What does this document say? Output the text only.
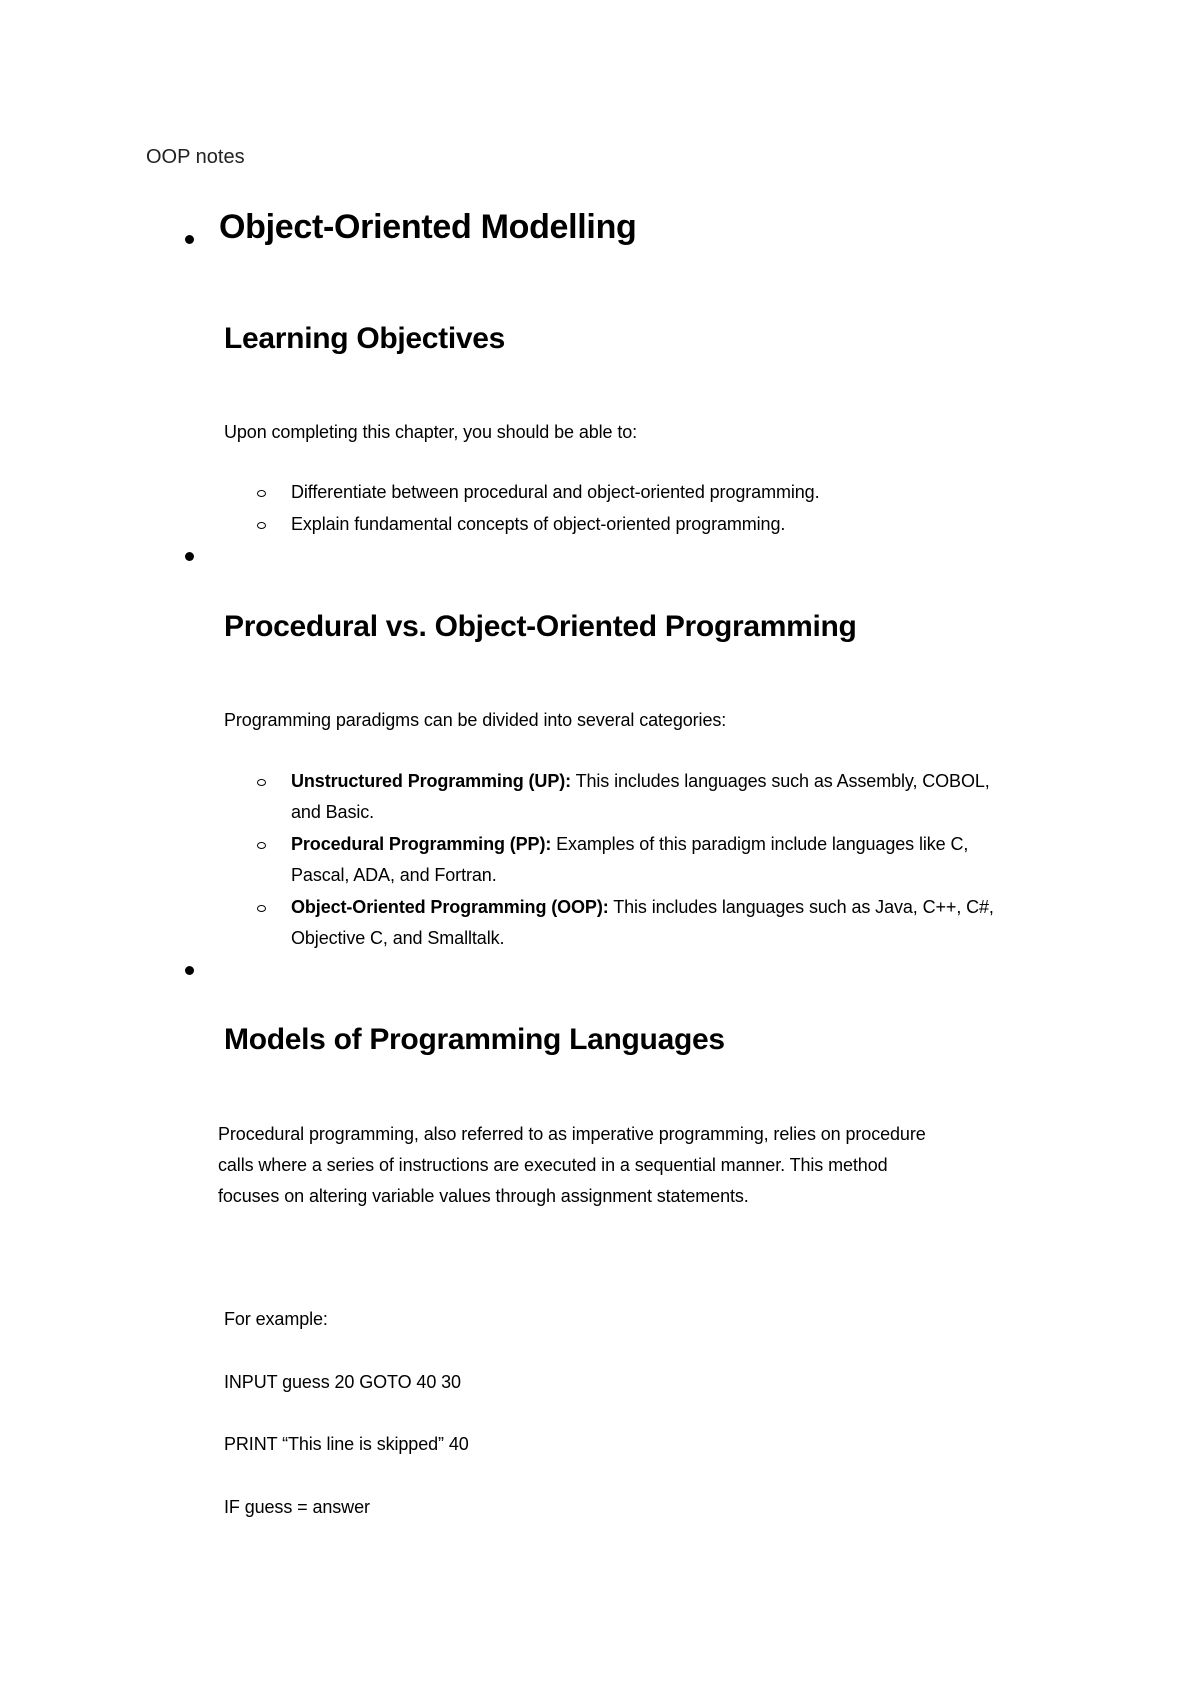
OOP notes
Object-Oriented Modelling
Learning Objectives
Upon completing this chapter, you should be able to:
Differentiate between procedural and object-oriented programming.
Explain fundamental concepts of object-oriented programming.
Procedural vs. Object-Oriented Programming
Programming paradigms can be divided into several categories:
Unstructured Programming (UP): This includes languages such as Assembly, COBOL,
and Basic.
Procedural Programming (PP): Examples of this paradigm include languages like C,
Pascal, ADA, and Fortran.
Object-Oriented Programming (OOP): This includes languages such as Java, C++, C#,
Objective C, and Smalltalk.
Models of Programming Languages
Procedural programming, also referred to as imperative programming, relies on procedure
calls where a series of instructions are executed in a sequential manner. This method
focuses on altering variable values through assignment statements.
For example:
INPUT guess 20 GOTO 40 30
PRINT “This line is skipped” 40
IF guess = answer
